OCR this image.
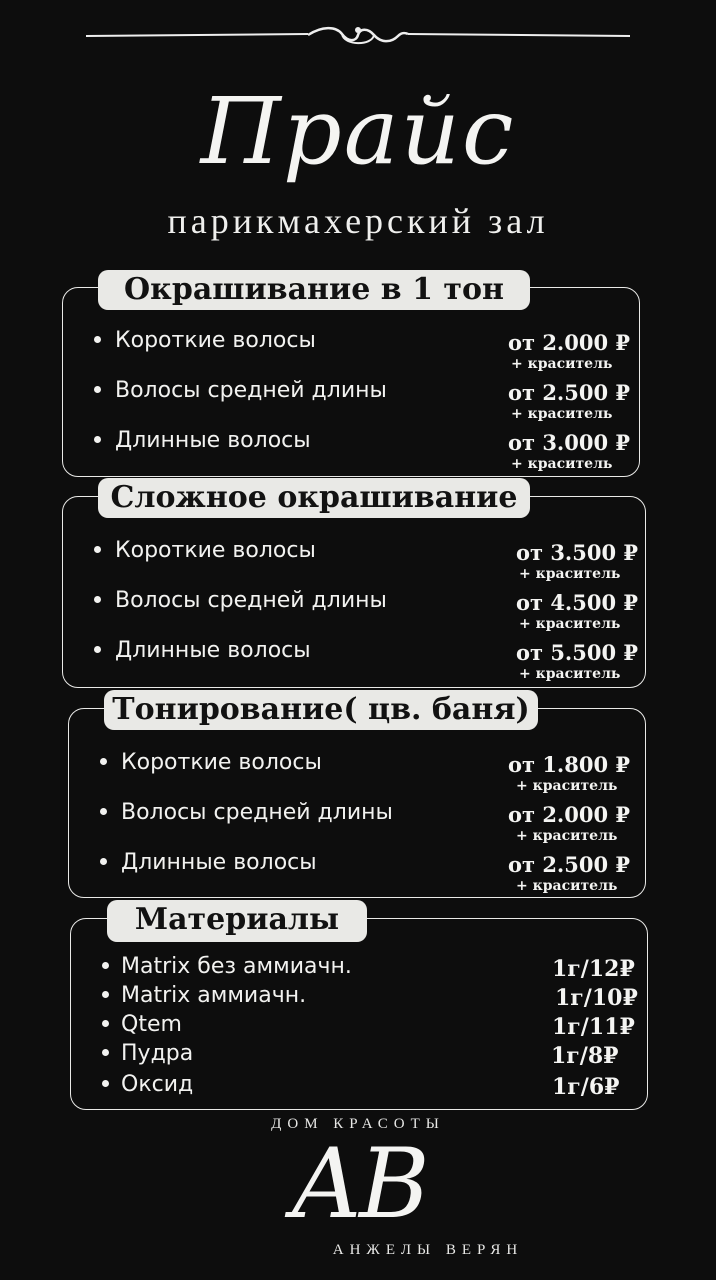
Прайс
парикмахерский зал
Окрашивание в 1 тон
Короткие волосы	от 2.000 ₽
+ краситель
Волосы средней длины	от 2.500 ₽
+ краситель
Длинные волосы	от 3.000 ₽
+ краситель
Сложное окрашивание
Короткие волосы	от 3.500 ₽
+ краситель
Волосы средней длины	от 4.500 ₽
+ краситель
Длинные волосы	от 5.500 ₽
+ краситель
Тонирование( цв. баня)
Короткие волосы	от 1.800 ₽
+ краситель
Волосы средней длины	от 2.000 ₽
+ краситель
Длинные волосы	от 2.500 ₽
+ краситель
Материалы
Matrix без аммиачн.	1г/12₽
Matrix аммиачн.	1г/10₽
Qtem	1г/11₽
Пудра	1г/8₽
Оксид	1г/6₽
ДОМ КРАСОТЫ
АВ
АНЖЕЛЫ ВЕРЯН
